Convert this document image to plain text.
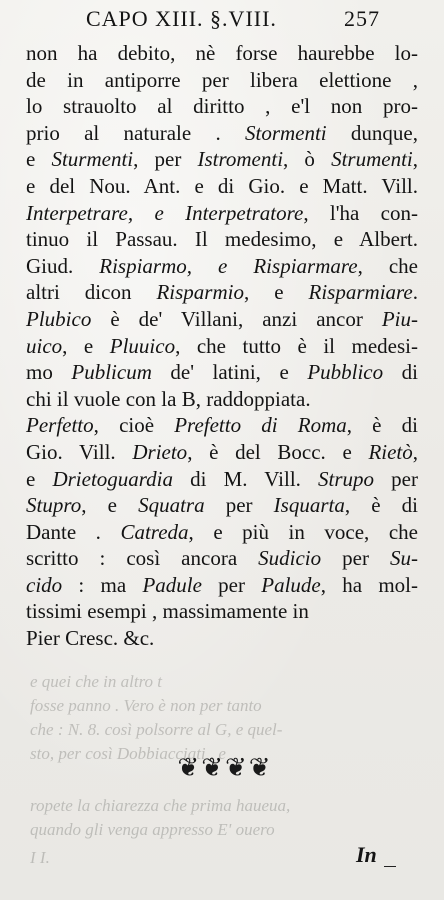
e quei che in altro t
fosse panno . Vero è non per tanto
che : N. 8. così polsorre al G, e quel-
sto, per così Dobbiacciati , e
ropete la chiarezza che prima haueua,
quando gli venga appresso E' ouero
I I.
CAPO XIII. §.VIII.	257
non ha debito, nè forse haurebbe lo-
de in antiporre per libera elettione ,
lo strauolto al diritto , e'l non pro-
prio al naturale . Stormenti dunque,
e Sturmenti, per Istromenti, ò Strumenti,
e del Nou. Ant. e di Gio. e Matt. Vill.
Interpetrare, e Interpetratore, l'ha con-
tinuo il Passau. Il medesimo, e Albert.
Giud. Rispiarmo, e Rispiarmare, che
altri dicon Risparmio, e Risparmiare.
Plubico è de' Villani, anzi ancor Piu-
uico, e Pluuico, che tutto è il medesi-
mo Publicum de' latini, e Pubblico di
chi il vuole con la B, raddoppiata.
Perfetto, cioè Prefetto di Roma, è di
Gio. Vill. Drieto, è del Bocc. e Rietò,
e Drietoguardia di M. Vill. Strupo per
Stupro, e Squatra per Isquarta, è di
Dante . Catreda, e più in voce, che
scritto : così ancora Sudicio per Su-
cido : ma Padule per Palude, ha mol-
tissimi esempi , massimamente in
Pier Cresc. &c.
❦❦❦❦
In
